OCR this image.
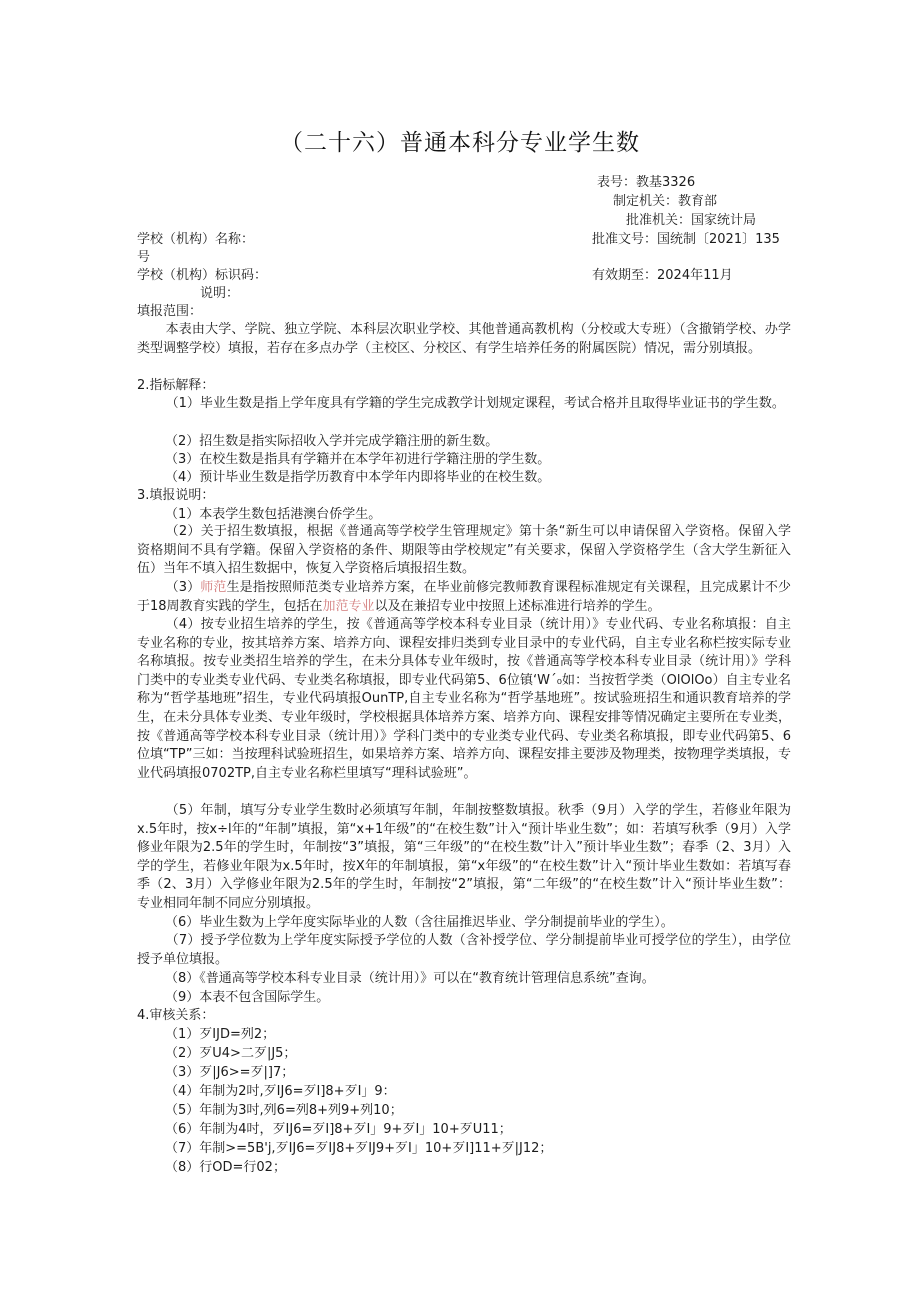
（二十六）普通本科分专业学生数
表号：教基3326
制定机关：教育部
批准机关：国家统计局
学校（机构）名称：	批准文号：国统制〔2021〕135
号
学校（机构）标识码：	有效期至：2024年11月
说明：
填报范围：
本表由大学、学院、独立学院、本科层次职业学校、其他普通高教机构（分校或大专班）（含撤销学校、办学类型调整学校）填报，若存在多点办学（主校区、分校区、有学生培养任务的附属医院）情况，需分别填报。
2.指标解释：
（1）毕业生数是指上学年度具有学籍的学生完成教学计划规定课程，考试合格并且取得毕业证书的学生数。
（2）招生数是指实际招收入学并完成学籍注册的新生数。
（3）在校生数是指具有学籍并在本学年初进行学籍注册的学生数。
（4）预计毕业生数是指学历教育中本学年内即将毕业的在校生数。
3.填报说明：
（1）本表学生数包括港澳台侨学生。
（2）关于招生数填报，根据《普通高等学校学生管理规定》第十条“新生可以申请保留入学资格。保留入学资格期间不具有学籍。保留入学资格的条件、期限等由学校规定”有关要求，保留入学资格学生（含大学生新征入伍）当年不填入招生数据中，恢复入学资格后填报招生数。
（3）师范生是指按照师范类专业培养方案，在毕业前修完教师教育课程标准规定有关课程，且完成累计不少于18周教育实践的学生，包括在加范专业以及在兼招专业中按照上述标准进行培养的学生。
（4）按专业招生培养的学生，按《普通高等学校本科专业目录（统计用）》专业代码、专业名称填报：自主专业名称的专业，按其培养方案、培养方向、课程安排归类到专业目录中的专业代码，自主专业名称栏按实际专业名称填报。按专业类招生培养的学生，在未分具体专业年级时，按《普通高等学校本科专业目录（统计用）》学科门类中的专业类专业代码、专业类名称填报，即专业代码第5、6位镇‘Wˊ₀如：当按哲学类（OlOlOo）自主专业名称为“哲学基地班”招生，专业代码填报OunTP,自主专业名称为“哲学基地班”。按试验班招生和通识教育培养的学生，在未分具体专业类、专业年级时，学校根据具体培养方案、培养方向、课程安排等情况确定主要所在专业类，按《普通高等学校本科专业目录（统计用）》学科门类中的专业类专业代码、专业类名称填报，即专业代码第5、6位填“TP”三如：当按理科试验班招生，如果培养方案、培养方向、课程安排主要涉及物理类，按物理学类填报，专业代码填报0702TP,自主专业名称栏里填写“理科试验班”。
（5）年制，填写分专业学生数时必须填写年制，年制按整数填报。秋季（9月）入学的学生，若修业年限为x.5年时，按x÷l年的“年制”填报，第“x+1年级”的“在校生数”计入“预计毕业生数”；如：若填写秋季（9月）入学修业年限为2.5年的学生时，年制按“3”填报，第“三年级”的“在校生数”计入”预计毕业生数”；春季（2、3月）入学的学生，若修业年限为x.5年时，按X年的年制填报，第“x年级”的“在校生数”计入“预计毕业生数如：若填写春季（2、3月）入学修业年限为2.5年的学生时，年制按“2”填报，第“二年级”的“在校生数”计入“预计毕业生数”：专业相同年制不同应分别填报。
（6）毕业生数为上学年度实际毕业的人数（含往届推迟毕业、学分制提前毕业的学生）。
（7）授予学位数为上学年度实际授予学位的人数（含补授学位、学分制提前毕业可授学位的学生），由学位授予单位填报。
（8）《普通高等学校本科专业目录（统计用）》可以在“教育统计管理信息系统”查询。
（9）本表不包含国际学生。
4.审核关系：
（1）歹IJD=列2；
（2）歹U4>二歹|J5；
（3）歹|J6>=歹|]7；
（4）年制为2吋,歹IJ6=歹I]8+歹I」9：
（5）年制为3吋,列6=列8+列9+列10；
（6）年制为4吋，歹IJ6=歹I]8+歹I」9+歹I」10+歹U11；
（7）年制>=5B'j,歹IJ6=歹IJ8+歹IJ9+歹I」10+歹I]11+歹|J12；
（8）行OD=行02；
